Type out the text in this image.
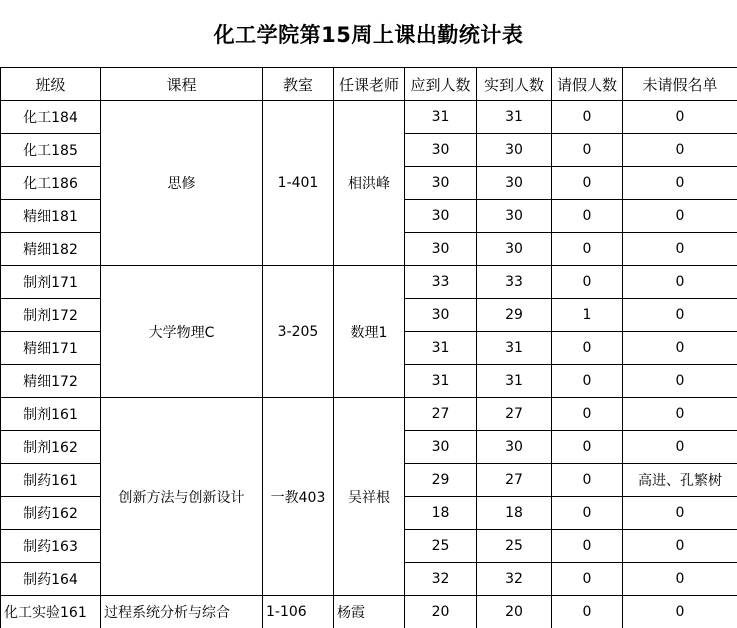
化工学院第15周上课出勤统计表
班级	课程	教室	任课老师	应到人数	实到人数	请假人数	未请假名单
化工184	思修	1-401	相洪峰	31	31	0	0
化工185				30	30	0	0
化工186				30	30	0	0
精细181				30	30	0	0
精细182				30	30	0	0
制剂171	大学物理C	3-205	数理1	33	33	0	0
制剂172				30	29	1	0
精细171				31	31	0	0
精细172				31	31	0	0
制剂161	创新方法与创新设计	一教403	吴祥根	27	27	0	0
制剂162				30	30	0	0
制药161				29	27	0	高进、孔繁树
制药162				18	18	0	0
制药163				25	25	0	0
制药164				32	32	0	0
化工实验161	过程系统分析与综合	1-106	杨霞	20	20	0	0
